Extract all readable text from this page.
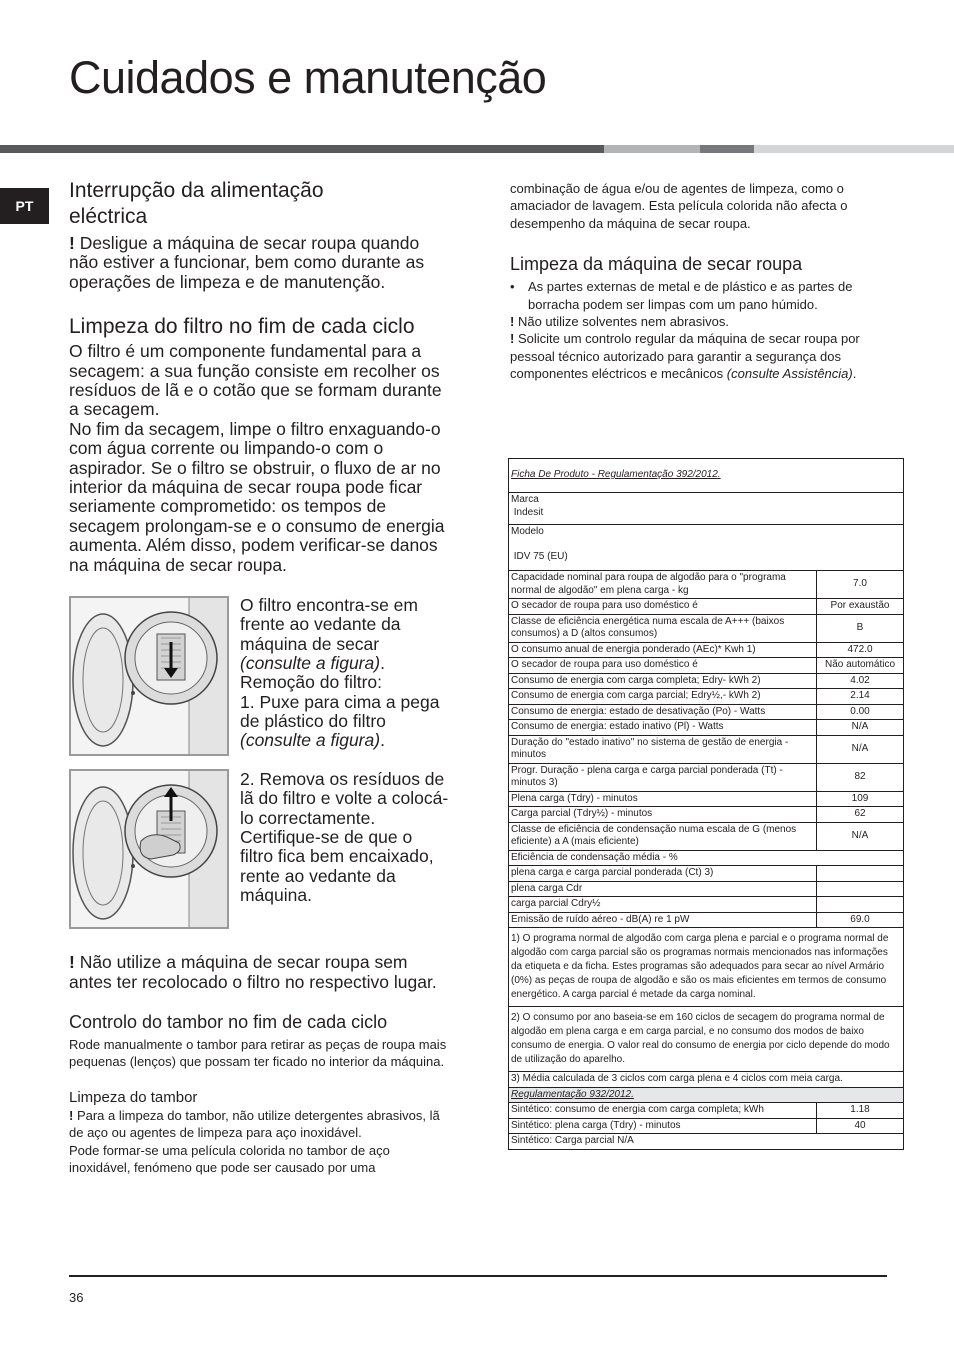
Cuidados e manutenção
PT
Interrupção da alimentação eléctrica

! Desligue a máquina de secar roupa quando não estiver a funcionar, bem como durante as operações de limpeza e de manutenção.

Limpeza do filtro no fim de cada ciclo

O filtro é um componente fundamental para a secagem: a sua função consiste em recolher os resíduos de lã e o cotão que se formam durante a secagem.

No fim da secagem, limpe o filtro enxaguando-o com água corrente ou limpando-o com o aspirador. Se o filtro se obstruir, o fluxo de ar no interior da máquina de secar roupa pode ficar seriamente comprometido: os tempos de secagem prolongam-se e o consumo de energia aumenta. Além disso, podem verificar-se danos na máquina de secar roupa.

O filtro encontra-se em frente ao vedante da máquina de secar (consulte a figura).
Remoção do filtro:
1. Puxe para cima a pega de plástico do filtro (consulte a figura).
2. Remova os resíduos de lã do filtro e volte a colocá-lo correctamente. Certifique-se de que o filtro fica bem encaixado, rente ao vedante da máquina.

! Não utilize a máquina de secar roupa sem antes ter recolocado o filtro no respectivo lugar.

Controlo do tambor no fim de cada ciclo

Rode manualmente o tambor para retirar as peças de roupa mais pequenas (lenços) que possam ter ficado no interior da máquina.

Limpeza do tambor

! Para a limpeza do tambor, não utilize detergentes abrasivos, lã de aço ou agentes de limpeza para aço inoxidável.

Pode formar-se uma película colorida no tambor de aço inoxidável, fenómeno que pode ser causado por uma

combinação de água e/ou de agentes de limpeza, como o amaciador de lavagem. Esta película colorida não afecta o desempenho da máquina de secar roupa.

Limpeza da máquina de secar roupa
• As partes externas de metal e de plástico e as partes de borracha podem ser limpas com um pano húmido.

! Não utilize solventes nem abrasivos.

! Solicite um controlo regular da máquina de secar roupa por pessoal técnico autorizado para garantir a segurança dos componentes eléctricos e mecânicos (consulte Assistência).

Ficha De Produto - Regulamentação 392/2012.	
Marca
Indesit	
Modelo

IDV 75 (EU)	
Capacidade nominal para roupa de algodão para o "programa normal de algodão" em plena carga - kg	7.0
O secador de roupa para uso doméstico é	Por exaustão
Classe de eficiência energética numa escala de A+++ (baixos consumos) a D (altos consumos)	B
O consumo anual de energia ponderado (AEc)* Kwh 1)	472.0
O secador de roupa para uso doméstico é	Não automático
Consumo de energia com carga completa; Edry- kWh 2)	4.02
Consumo de energia com carga parcial; Edry½,- kWh 2)	2.14
Consumo de energia: estado de desativação (Po) - Watts	0.00
Consumo de energia: estado inativo (Pl) - Watts	N/A
Duração do "estado inativo" no sistema de gestão de energia - minutos	N/A
Progr. Duração - plena carga e carga parcial ponderada (Tt) - minutos 3)	82
Plena carga (Tdry) - minutos	109
Carga parcial (Tdry½) - minutos	62
Classe de eficiência de condensação numa escala de G (menos eficiente) a A (mais eficiente)	N/A
Eficiência de condensação média - %	
plena carga e carga parcial ponderada (Ct) 3)	
plena carga Cdr	
carga parcial Cdry½	
Emissão de ruído aéreo - dB(A) re 1 pW	69.0
1) O programa normal de algodão com carga plena e parcial e o programa normal de algodão com carga parcial são os programas normais mencionados nas informações da etiqueta e da ficha. Estes programas são adequados para secar ao nível Armário (0%) as peças de roupa de algodão e são os mais eficientes em termos de consumo energético. A carga parcial é metade da carga nominal.	
2) O consumo por ano baseia-se em 160 ciclos de secagem do programa normal de algodão em plena carga e em carga parcial, e no consumo dos modos de baixo consumo de energia. O valor real do consumo de energia por ciclo depende do modo de utilização do aparelho.	
3) Média calculada de 3 ciclos com carga plena e 4 ciclos com meia carga.	
Regulamentação 932/2012.	
Sintético: consumo de energia com carga completa; kWh	1.18
Sintético: plena carga (Tdry) - minutos	40
Sintético: Carga parcial N/A	
36
